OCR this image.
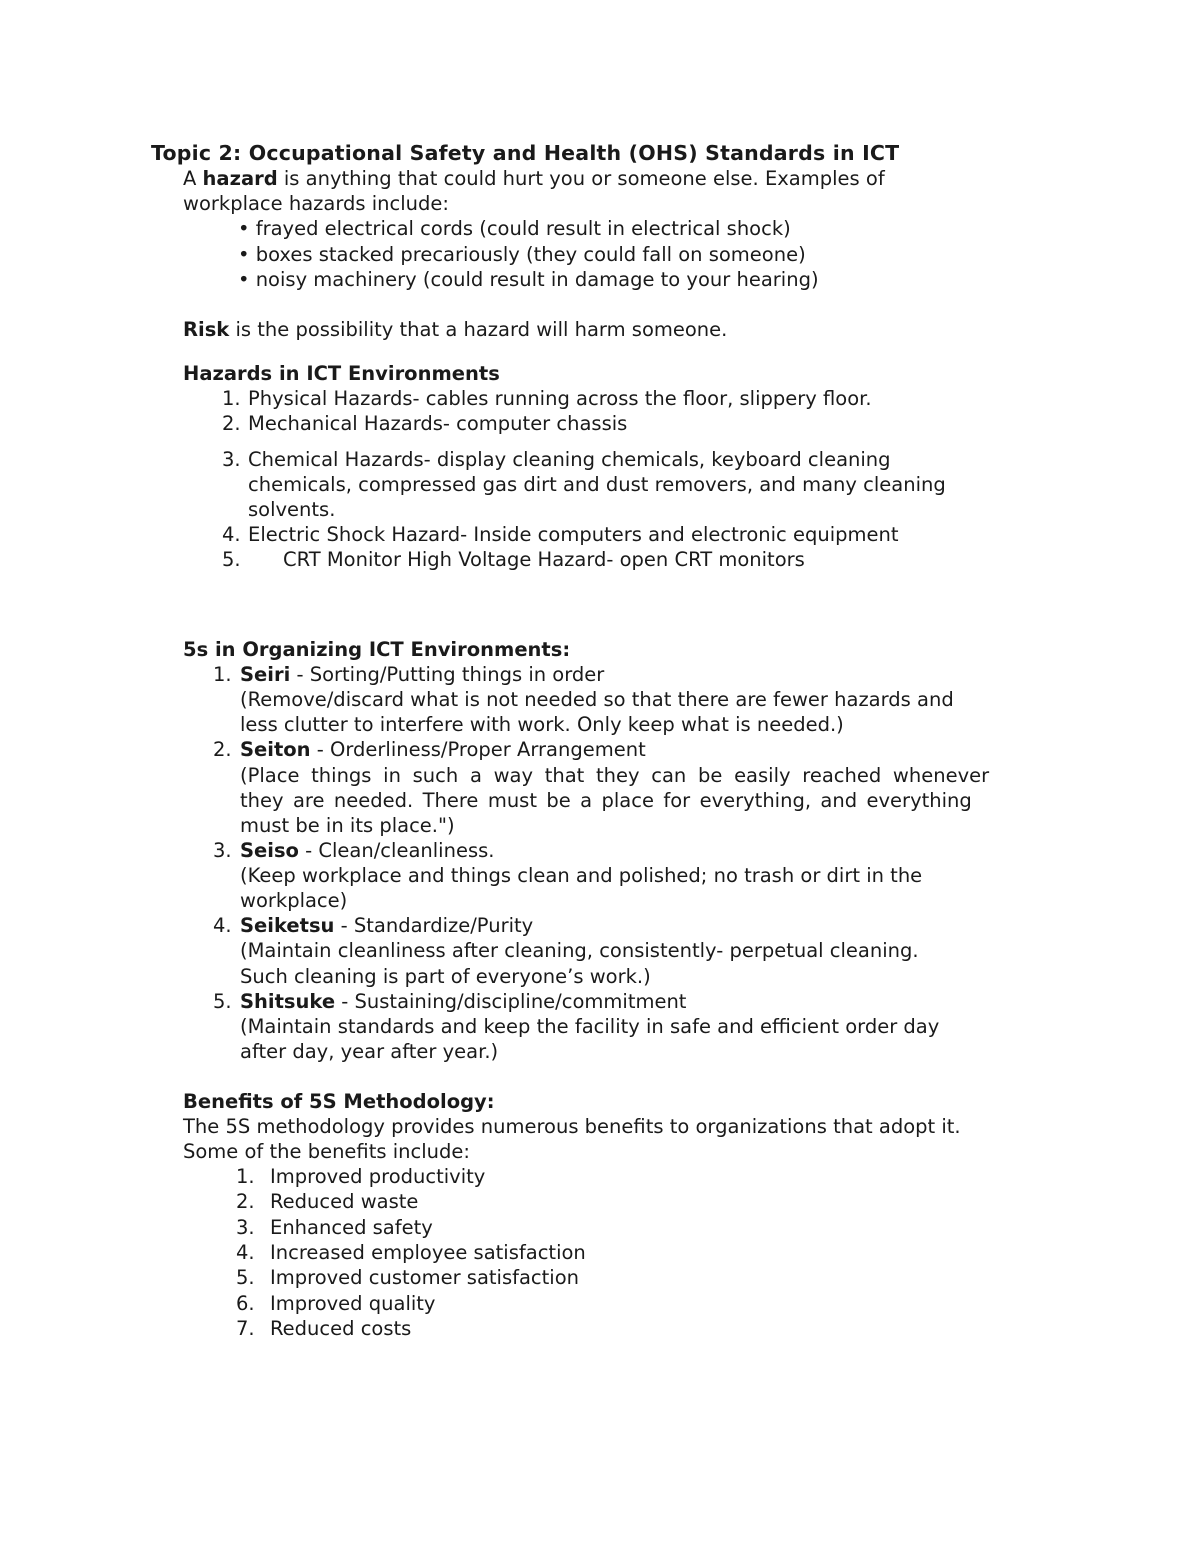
Topic 2: Occupational Safety and Health (OHS) Standards in ICT
A hazard is anything that could hurt you or someone else. Examples of
workplace hazards include:
• frayed electrical cords (could result in electrical shock)
• boxes stacked precariously (they could fall on someone)
• noisy machinery (could result in damage to your hearing)
Risk is the possibility that a hazard will harm someone.
Hazards in ICT Environments
1. Physical Hazards- cables running across the floor, slippery floor.
2. Mechanical Hazards- computer chassis
3. Chemical Hazards- display cleaning chemicals, keyboard cleaning
chemicals, compressed gas dirt and dust removers, and many cleaning
solvents.
4. Electric Shock Hazard- Inside computers and electronic equipment
5. CRT Monitor High Voltage Hazard- open CRT monitors
5s in Organizing ICT Environments:
1. Seiri - Sorting/Putting things in order
(Remove/discard what is not needed so that there are fewer hazards and
less clutter to interfere with work. Only keep what is needed.)
2. Seiton - Orderliness/Proper Arrangement
(Place things in such a way that they can be easily reached whenever
they are needed. There must be a place for everything, and everything
must be in its place.")
3. Seiso - Clean/cleanliness.
(Keep workplace and things clean and polished; no trash or dirt in the
workplace)
4. Seiketsu - Standardize/Purity
(Maintain cleanliness after cleaning, consistently- perpetual cleaning.
Such cleaning is part of everyone’s work.)
5. Shitsuke - Sustaining/discipline/commitment
(Maintain standards and keep the facility in safe and efficient order day
after day, year after year.)
Benefits of 5S Methodology:
The 5S methodology provides numerous benefits to organizations that adopt it.
Some of the benefits include:
1. Improved productivity
2. Reduced waste
3. Enhanced safety
4. Increased employee satisfaction
5. Improved customer satisfaction
6. Improved quality
7. Reduced costs
